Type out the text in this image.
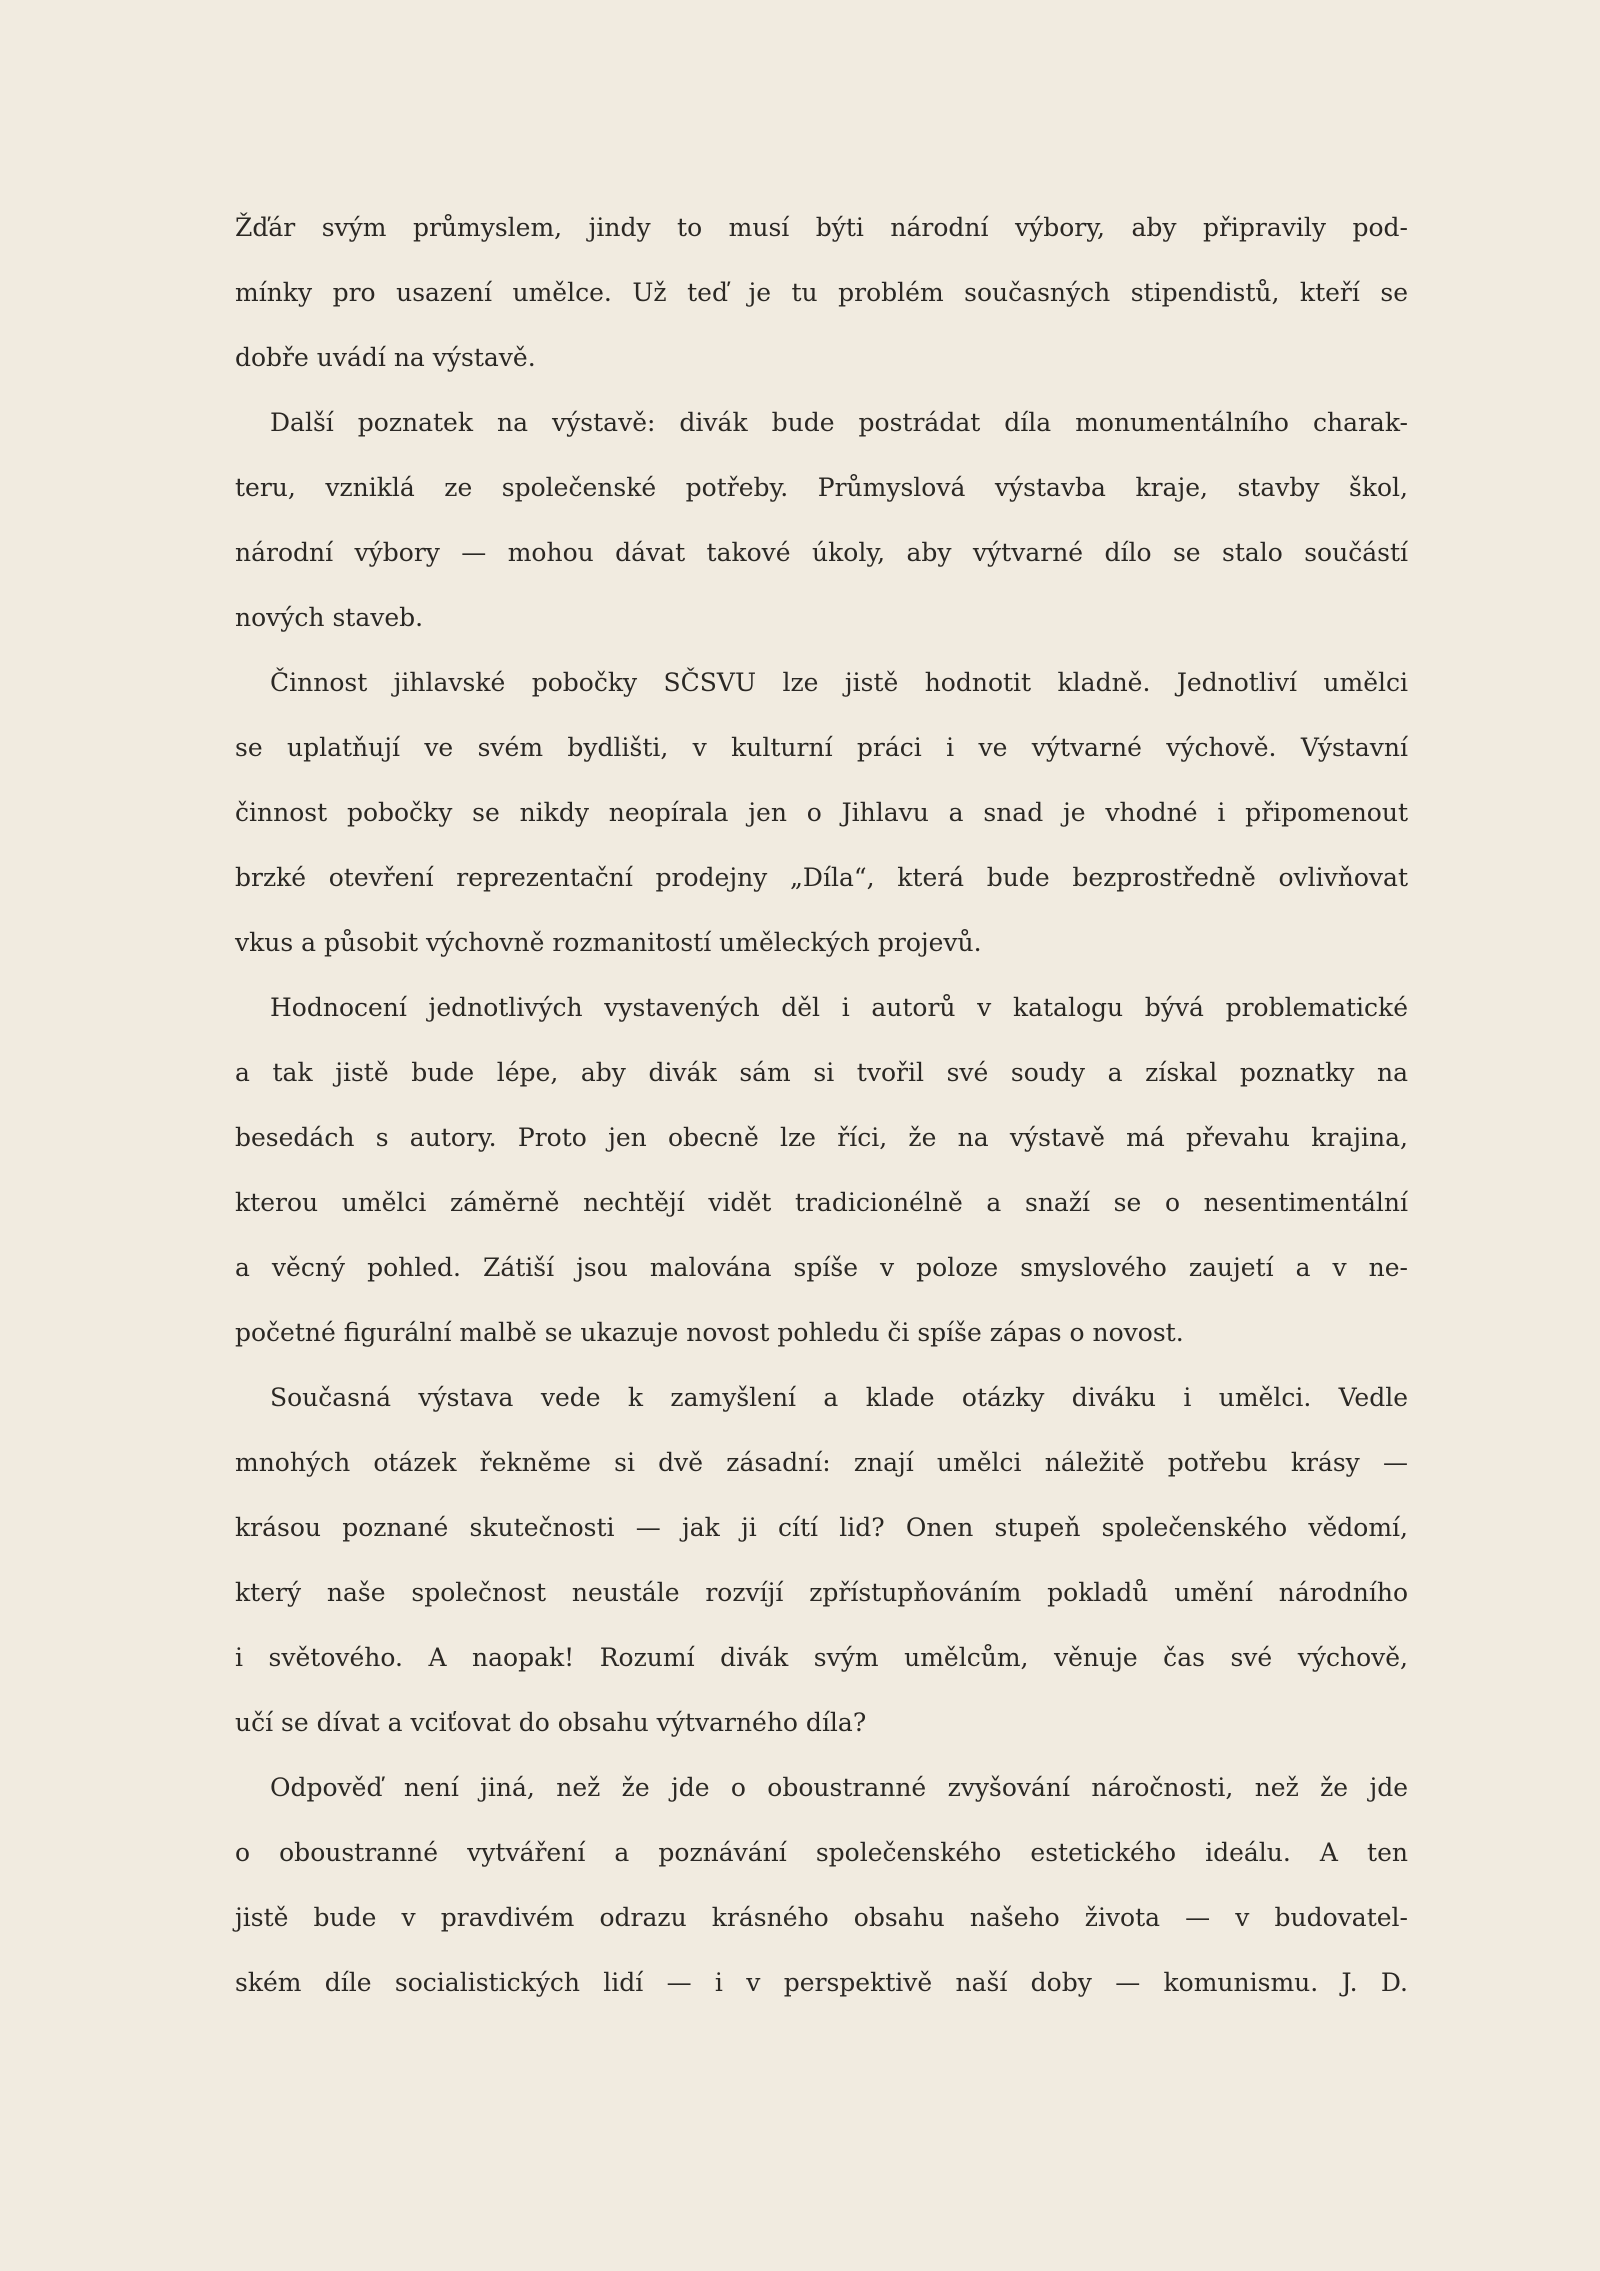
Žďár svým průmyslem, jindy to musí býti národní výbory, aby připravily pod-
mínky pro usazení umělce. Už teď je tu problém současných stipendistů, kteří se
dobře uvádí na výstavě.
Další poznatek na výstavě: divák bude postrádat díla monumentálního charak-
teru, vzniklá ze společenské potřeby. Průmyslová výstavba kraje, stavby škol,
národní výbory — mohou dávat takové úkoly, aby výtvarné dílo se stalo součástí
nových staveb.
Činnost jihlavské pobočky SČSVU lze jistě hodnotit kladně. Jednotliví umělci
se uplatňují ve svém bydlišti, v kulturní práci i ve výtvarné výchově. Výstavní
činnost pobočky se nikdy neopírala jen o Jihlavu a snad je vhodné i připomenout
brzké otevření reprezentační prodejny „Díla“, která bude bezprostředně ovlivňovat
vkus a působit výchovně rozmanitostí uměleckých projevů.
Hodnocení jednotlivých vystavených děl i autorů v katalogu bývá problematické
a tak jistě bude lépe, aby divák sám si tvořil své soudy a získal poznatky na
besedách s autory. Proto jen obecně lze říci, že na výstavě má převahu krajina,
kterou umělci záměrně nechtějí vidět tradicionélně a snaží se o nesentimentální
a věcný pohled. Zátiší jsou malována spíše v poloze smyslového zaujetí a v ne-
početné figurální malbě se ukazuje novost pohledu či spíše zápas o novost.
Současná výstava vede k zamyšlení a klade otázky diváku i umělci. Vedle
mnohých otázek řekněme si dvě zásadní: znají umělci náležitě potřebu krásy —
krásou poznané skutečnosti — jak ji cítí lid? Onen stupeň společenského vědomí,
který naše společnost neustále rozvíjí zpřístupňováním pokladů umění národního
i světového. A naopak! Rozumí divák svým umělcům, věnuje čas své výchově,
učí se dívat a vciťovat do obsahu výtvarného díla?
Odpověď není jiná, než že jde o oboustranné zvyšování náročnosti, než že jde
o oboustranné vytváření a poznávání společenského estetického ideálu. A ten
jistě bude v pravdivém odrazu krásného obsahu našeho života — v budovatel-
ském díle socialistických lidí — i v perspektivě naší doby — komunismu. J. D.
